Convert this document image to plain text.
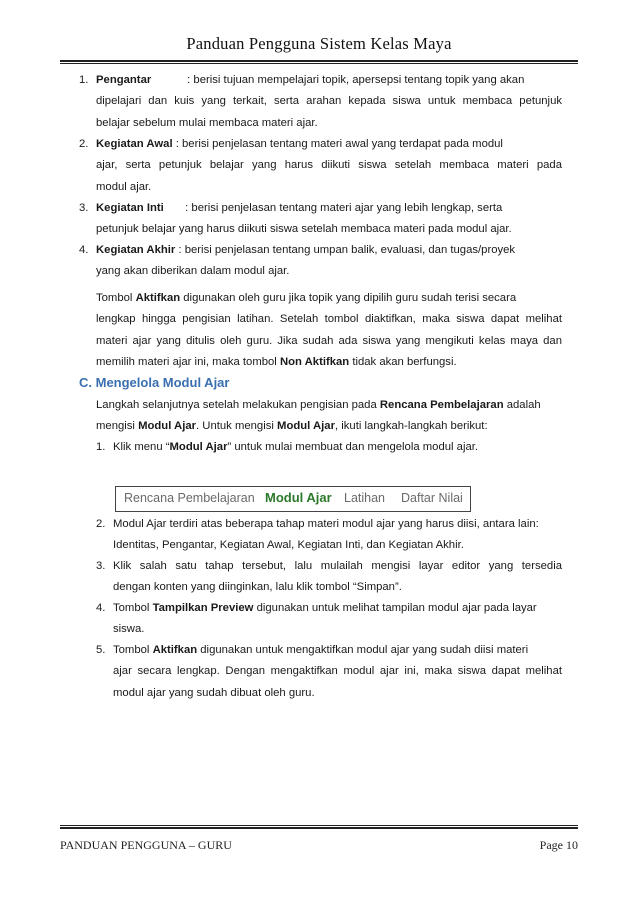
Panduan Pengguna Sistem Kelas Maya
1. Pengantar	: berisi tujuan mempelajari topik, apersepsi tentang topik yang akan
dipelajari dan kuis yang terkait, serta arahan kepada siswa untuk membaca petunjuk
belajar sebelum mulai membaca materi ajar.
2. Kegiatan Awal : berisi penjelasan tentang materi awal yang terdapat pada modul
ajar, serta petunjuk belajar yang harus diikuti siswa setelah membaca materi pada
modul ajar.
3. Kegiatan Inti : berisi penjelasan tentang materi ajar yang lebih lengkap, serta
petunjuk belajar yang harus diikuti siswa setelah membaca materi pada modul ajar.
4. Kegiatan Akhir : berisi penjelasan tentang umpan balik, evaluasi, dan tugas/proyek
yang akan diberikan dalam modul ajar.
Tombol Aktifkan digunakan oleh guru jika topik yang dipilih guru sudah terisi secara
lengkap hingga pengisian latihan. Setelah tombol diaktifkan, maka siswa dapat melihat
materi ajar yang ditulis oleh guru. Jika sudah ada siswa yang mengikuti kelas maya dan
memilih materi ajar ini, maka tombol Non Aktifkan tidak akan berfungsi.
C. Mengelola Modul Ajar
Langkah selanjutnya setelah melakukan pengisian pada Rencana Pembelajaran adalah
mengisi Modul Ajar. Untuk mengisi Modul Ajar, ikuti langkah-langkah berikut:
1. Klik menu “Modul Ajar” untuk mulai membuat dan mengelola modul ajar.
Rencana Pembelajaran Modul Ajar Latihan Daftar Nilai
2. Modul Ajar terdiri atas beberapa tahap materi modul ajar yang harus diisi, antara lain:
Identitas, Pengantar, Kegiatan Awal, Kegiatan Inti, dan Kegiatan Akhir.
3. Klik salah satu tahap tersebut, lalu mulailah mengisi layar editor yang tersedia
dengan konten yang diinginkan, lalu klik tombol “Simpan”.
4. Tombol Tampilkan Preview digunakan untuk melihat tampilan modul ajar pada layar
siswa.
5. Tombol Aktifkan digunakan untuk mengaktifkan modul ajar yang sudah diisi materi
ajar secara lengkap. Dengan mengaktifkan modul ajar ini, maka siswa dapat melihat
modul ajar yang sudah dibuat oleh guru.
PANDUAN PENGGUNA – GURU	Page 10
